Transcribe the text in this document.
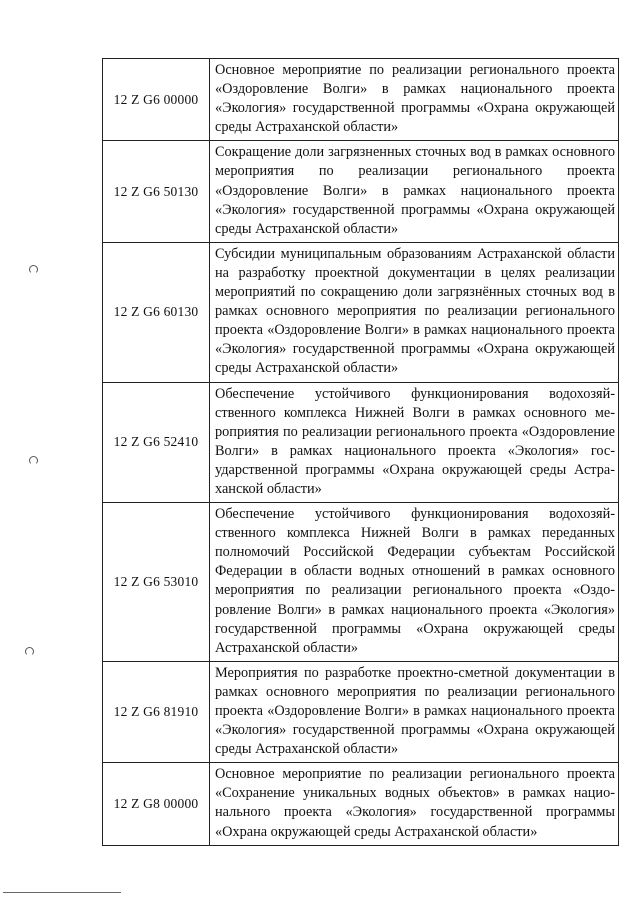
12 Z G6 00000	Основное мероприятие по реализации регионального проекта «Оздоровление Волги» в рамках национального проекта «Экология» государственной программы «Охрана окружающей среды Астраханской области»
12 Z G6 50130	Сокращение доли загрязненных сточных вод в рамках основного мероприятия по реализации регионального проекта «Оздоровление Волги» в рамках национального проекта «Экология» государственной программы «Охрана окружающей среды Астраханской области»
12 Z G6 60130	Субсидии муниципальным образованиям Астраханской области на разработку проектной документации в целях реализации мероприятий по сокращению доли загрязнённых сточных вод в рамках основного мероприятия по реализации регионального проекта «Оздоровление Волги» в рамках национального проекта «Экология» государственной программы «Охрана окружающей среды Астраханской области»
12 Z G6 52410	Обеспечение устойчивого функционирования водохозяйственного комплекса Нижней Волги в рамках основного мероприятия по реализации регионального проекта «Оздоровление Волги» в рамках национального проекта «Экология» государственной программы «Охрана окружающей среды Астраханской области»
12 Z G6 53010	Обеспечение устойчивого функционирования водохозяйственного комплекса Нижней Волги в рамках переданных полномочий Российской Федерации субъектам Российской Федерации в области водных отношений в рамках основного мероприятия по реализации регионального проекта «Оздоровление Волги» в рамках национального проекта «Экология» государственной программы «Охрана окружающей среды Астраханской области»
12 Z G6 81910	Мероприятия по разработке проектно-сметной документации в рамках основного мероприятия по реализации регионального проекта «Оздоровление Волги» в рамках национального проекта «Экология» государственной программы «Охрана окружающей среды Астраханской области»
12 Z G8 00000	Основное мероприятие по реализации регионального проекта «Сохранение уникальных водных объектов» в рамках национального проекта «Экология» государственной программы «Охрана окружающей среды Астраханской области»
